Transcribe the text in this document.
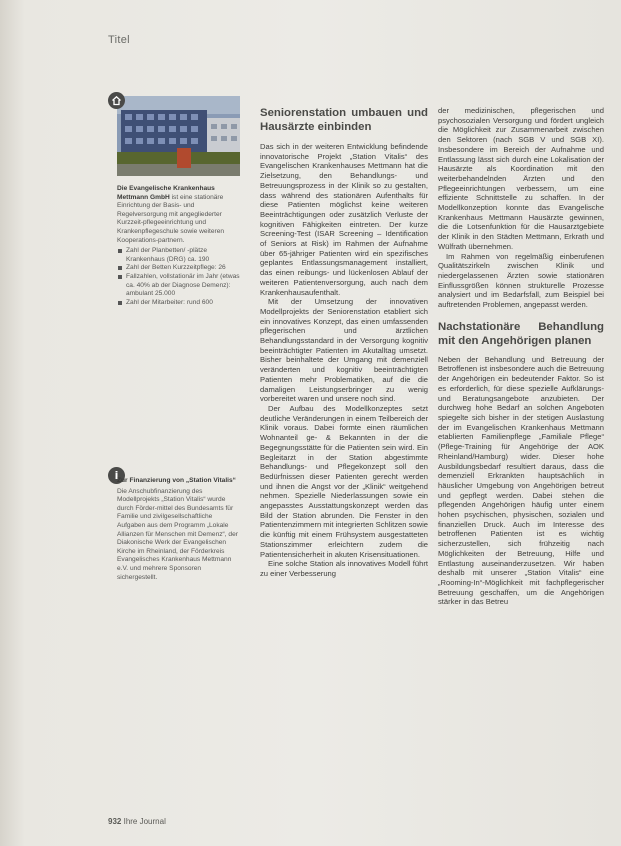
Titel
Die Evangelische Krankenhaus Mettmann GmbH ist eine stationäre Einrichtung der Basis- und Regelversorgung mit angegliederter Kurzzeit-pflegeeinrichtung und Krankenpflegeschule sowie weiteren Kooperations-partnern.
Zahl der Planbetten/ -plätze Krankenhaus (DRG) ca. 190
Zahl der Betten Kurzzeitpflege: 26
Fallzahlen, vollstationär im Jahr (etwas ca. 40% ab der Diagnose Demenz): ambulant 25.000
Zahl der Mitarbeiter: rund 600
i
Zur Finanzierung von „Station Vitalis“
Die Anschubfinanzierung des Modellprojekts „Station Vitalis“ wurde durch Förder-mittel des Bundesamts für Familie und zivilgesellschaftliche Aufgaben aus dem Programm „Lokale Allianzen für Menschen mit Demenz“, der Diakonische Werk der Evangelischen Kirche im Rheinland, der Förderkreis Evangelisches Krankenhaus Mettmann e.V. und mehrere Sponsoren sichergestellt.
Seniorenstation umbauen und Hausärzte einbinden

Das sich in der weiteren Entwicklung befindende innovatorische Projekt „Station Vitalis“ des Evangelischen Krankenhauses Mettmann hat die Zielsetzung, den Behandlungs- und Betreuungsprozess in der Klinik so zu gestalten, dass während des stationären Aufenthalts für diese Patienten möglichst keine weiteren Beeinträchtigungen oder zusätzlich Verluste der kognitiven Fähigkeiten eintreten. Der kurze Screening-Test (ISAR Screening – Identification of Seniors at Risk) im Rahmen der Aufnahme über 65-jähriger Patienten wird ein spezifisches geplantes Entlassungsmanagement installiert, das einen reibungs- und lückenlosen Ablauf der weiteren Patientenversorgung, auch nach dem Krankenhausaufenthalt.

Mit der Umsetzung der innovativen Modellprojekts der Seniorenstation etabliert sich ein innovatives Konzept, das einen umfassenden pflegerischen und ärztlichen Behandlungsstandard in der Versorgung kognitiv beeinträchtigter Patienten im Akutalltag umsetzt. Bisher beinhaltete der Umgang mit demenziell veränderten und kognitiv beeinträchtigten Patienten mehr Problematiken, auf die die damaligen Leistungserbringer zu wenig vorbereitet waren und unsere noch sind.

Der Aufbau des Modellkonzeptes setzt deutliche Veränderungen in einem Teilbereich der Klinik voraus. Dabei formte einen räumlichen Wohnanteil ge- & Bekannten in der die Begegnungsstätte für die Patienten sein wird. Ein Begleitarzt in der Station abgestimmte Behandlungs- und Pflegekonzept soll den Bedürfnissen dieser Patienten gerecht werden und ihnen die Angst vor der „Klinik“ weitgehend nehmen. Spezielle Niederlassungen sowie ein angepasstes Ausstattungskonzept werden das Bild der Station abrunden. Die Fenster in den Patientenzimmern mit integrierten Schlitzen sowie die künftig mit einem Frühsystem ausgestatteten Stationszimmer erleichtern zudem die Patientensicherheit in akuten Krisensituationen.

Eine solche Station als innovatives Modell führt zu einer Verbesserung

der medizinischen, pflegerischen und psychosozialen Versorgung und fördert ungleich die Möglichkeit zur Zusammenarbeit zwischen den Sektoren (nach SGB V und SGB XI). Insbesondere im Bereich der Aufnahme und Entlassung lässt sich durch eine Lokalisation der Hausärzte als Koordination mit den weiterbehandelnden Ärzten und den Pflegeeinrichtungen verbessern, um eine effiziente Schnittstelle zu schaffen. In der Modellkonzeption konnte das Evangelische Krankenhaus Mettmann Hausärzte gewinnen, die die Lotsenfunktion für die Hausarztgebiete der Klinik in den Städten Mettmann, Erkrath und Wülfrath übernehmen.

Im Rahmen von regelmäßig einberufenen Qualitätszirkeln zwischen Klinik und niedergelassenen Ärzten sowie stationären Einflussgrößen können strukturelle Prozesse analysiert und im Bedarfsfall, zum Beispiel bei auftretenden Problemen, angepasst werden.

Nachstationäre Behandlung mit den Angehörigen planen

Neben der Behandlung und Betreuung der Betroffenen ist insbesondere auch die Betreuung der Angehörigen ein bedeutender Faktor. So ist es erforderlich, für diese spezielle Aufklärungs- und Beratungsangebote anzubieten. Der durchweg hohe Bedarf an solchen Angeboten spiegelte sich bisher in der stetigen Auslastung der im Evangelischen Krankenhaus Mettmann etablierten Familienpflege „Familiale Pflege“ (Pflege-Training für Angehörige der AOK Rheinland/Hamburg) wider. Dieser hohe Ausbildungsbedarf resultiert daraus, dass die demenziell Erkrankten hauptsächlich in häuslicher Umgebung von Angehörigen betreut und gepflegt werden. Dabei stehen die pflegenden Angehörigen häufig unter einem hohen psychischen, physischen, sozialen und finanziellen Druck. Auch im Interesse des betroffenen Patienten ist es wichtig sicherzustellen, sich frühzeitig nach Möglichkeiten der Betreuung, Hilfe und Entlastung auseinanderzusetzen. Wir haben deshalb mit unserer „Station Vitalis“ eine „Rooming-In“-Möglichkeit mit fachpflegerischer Betreuung geschaffen, um die Angehörigen stärker in das Betreu

932 Ihre Journal
